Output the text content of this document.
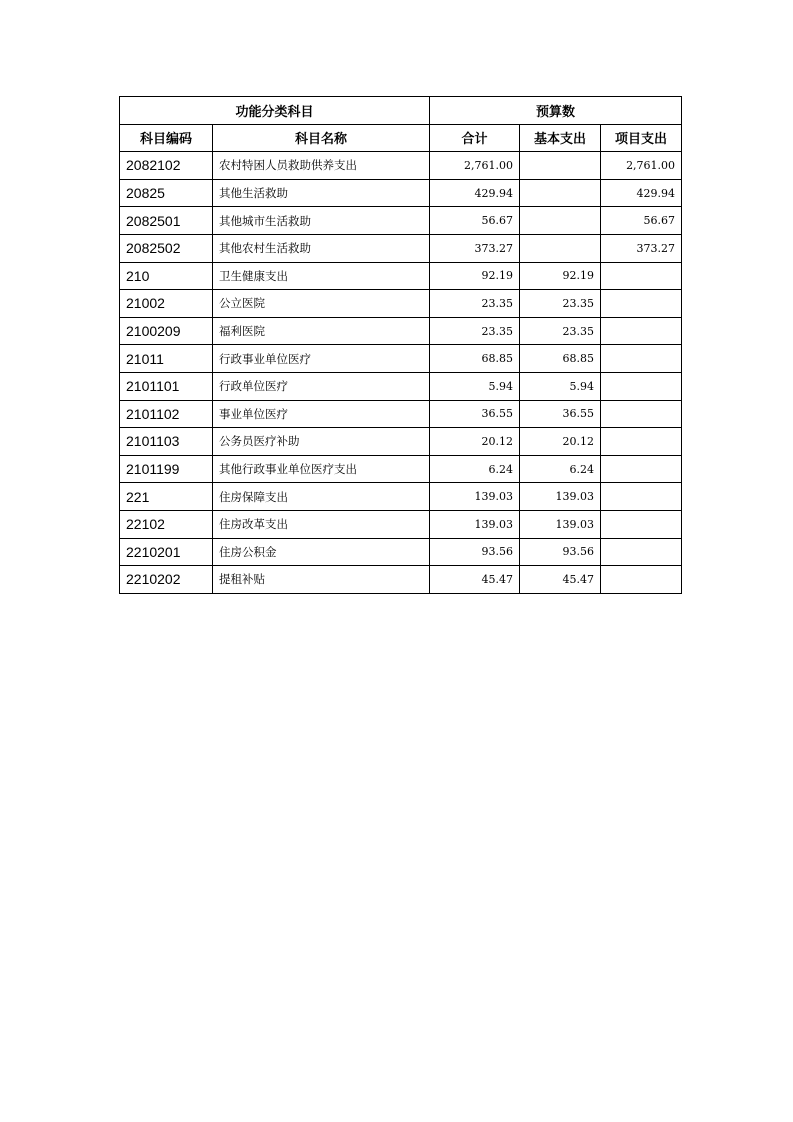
功能分类科目		预算数		
科目编码	科目名称	合计	基本支出	项目支出
2082102	农村特困人员救助供养支出	2,761.00		2,761.00
20825	其他生活救助	429.94		429.94
2082501	其他城市生活救助	56.67		56.67
2082502	其他农村生活救助	373.27		373.27
210	卫生健康支出	92.19	92.19	
21002	公立医院	23.35	23.35	
2100209	福利医院	23.35	23.35	
21011	行政事业单位医疗	68.85	68.85	
2101101	行政单位医疗	5.94	5.94	
2101102	事业单位医疗	36.55	36.55	
2101103	公务员医疗补助	20.12	20.12	
2101199	其他行政事业单位医疗支出	6.24	6.24	
221	住房保障支出	139.03	139.03	
22102	住房改革支出	139.03	139.03	
2210201	住房公积金	93.56	93.56	
2210202	提租补贴	45.47	45.47	
